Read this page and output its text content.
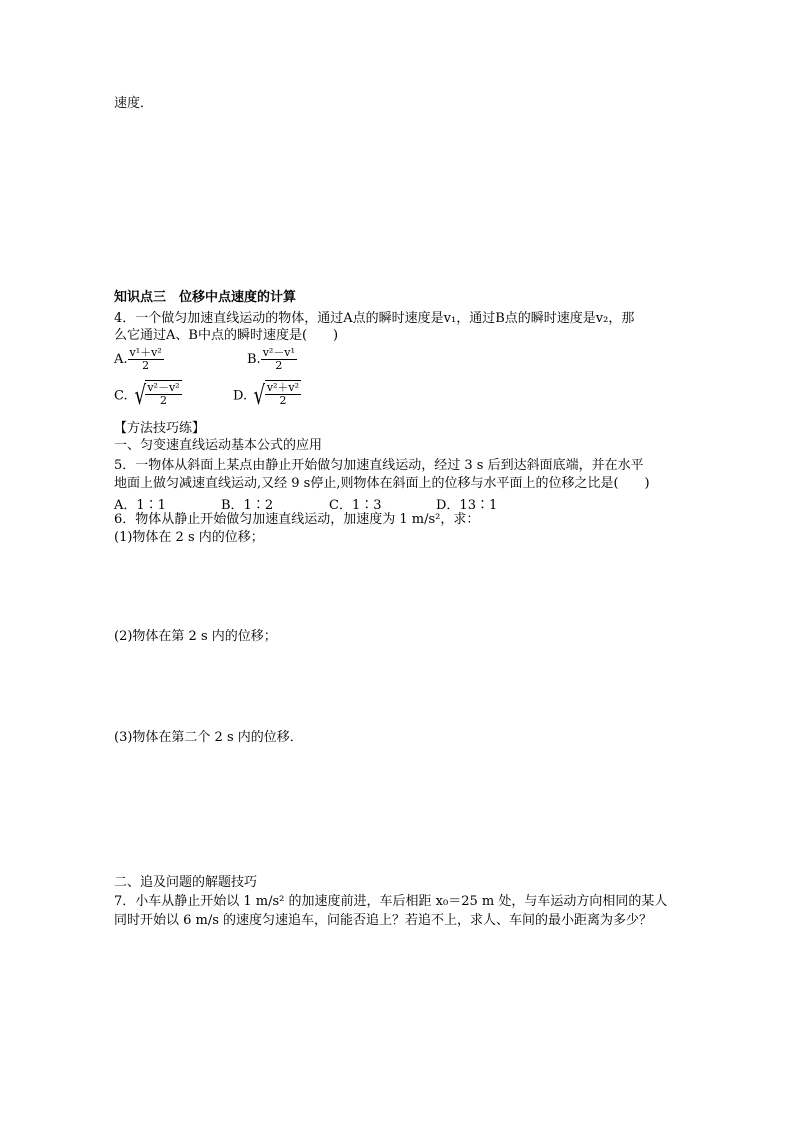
速度．
知识点三　位移中点速度的计算
4．一个做匀加速直线运动的物体，通过A点的瞬时速度是v₁，通过B点的瞬时速度是v₂，那
么它通过A、B中点的瞬时速度是(　　)
A. $\frac{\text{v¹＋v²}}{2}$	B. $\frac{\text{v²－v¹}}{2}$
C. √ $\frac{\text{v²－v²}}{2}$	D. √ $\frac{\text{v²＋v²}}{2}$
【方法技巧练】
一、匀变速直线运动基本公式的应用
5．一物体从斜面上某点由静止开始做匀加速直线运动，经过 3 s 后到达斜面底端，并在水平
地面上做匀减速直线运动,又经 9 s停止,则物体在斜面上的位移与水平面上的位移之比是(　　)
A．1∶1	B．1∶2	C．1∶3	D．13∶1
6．物体从静止开始做匀加速直线运动，加速度为 1 m/s²，求：
(1)物体在 2 s 内的位移；
(2)物体在第 2 s 内的位移；
(3)物体在第二个 2 s 内的位移．
二、追及问题的解题技巧
7．小车从静止开始以 1 m/s² 的加速度前进，车后相距 x₀＝25 m 处，与车运动方向相同的某人
同时开始以 6 m/s 的速度匀速追车，问能否追上？若追不上，求人、车间的最小距离为多少？
